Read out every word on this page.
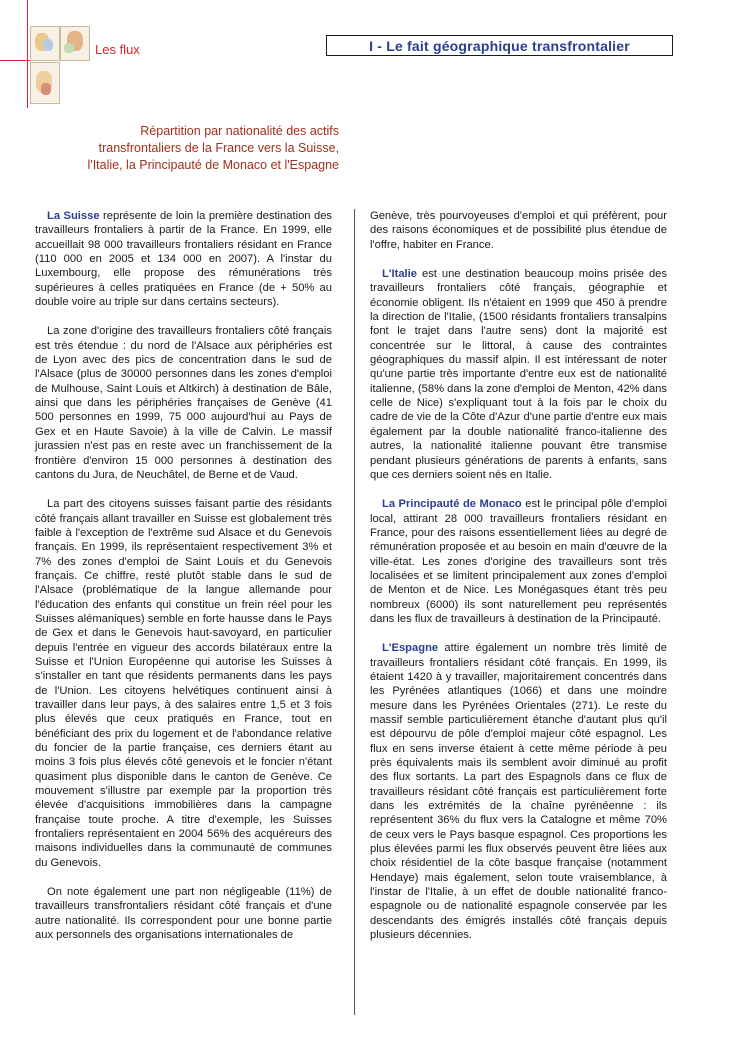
Les flux	I - Le fait géographique transfrontalier
Répartition par nationalité des actifs
transfrontaliers de la France vers la Suisse,
l'Italie, la Principauté de Monaco et l'Espagne

La Suisse représente de loin la première destination des travailleurs frontaliers à partir de la France. En 1999, elle accueillait 98 000 travailleurs frontaliers résidant en France (110 000 en 2005 et 134 000 en 2007). A l'instar du Luxembourg, elle propose des rémunérations très supérieures à celles pratiquées en France (de + 50% au double voire au triple sur dans certains secteurs).

La zone d'origine des travailleurs frontaliers côté français est très étendue : du nord de l'Alsace aux périphéries est de Lyon avec des pics de concentration dans le sud de l'Alsace (plus de 30000 personnes dans les zones d'emploi de Mulhouse, Saint Louis et Altkirch) à destination de Bâle, ainsi que dans les périphéries françaises de Genève (41 500 personnes en 1999, 75 000 aujourd'hui au Pays de Gex et en Haute Savoie) à la ville de Calvin. Le massif jurassien n'est pas en reste avec un franchissement de la frontière d'environ 15 000 personnes à destination des cantons du Jura, de Neuchâtel, de Berne et de Vaud.

La part des citoyens suisses faisant partie des résidants côté français allant travailler en Suisse est globalement très faible à l'exception de l'extrême sud Alsace et du Genevois français. En 1999, ils représentaient respectivement 3% et 7% des zones d'emploi de Saint Louis et du Genevois français. Ce chiffre, resté plutôt stable dans le sud de l'Alsace (problématique de la langue allemande pour l'éducation des enfants qui constitue un frein réel pour les Suisses alémaniques) semble en forte hausse dans le Pays de Gex et dans le Genevois haut-savoyard, en particulier depuis l'entrée en vigueur des accords bilatéraux entre la Suisse et l'Union Européenne qui autorise les Suisses à s'installer en tant que résidents permanents dans les pays de l'Union. Les citoyens helvétiques continuent ainsi à travailler dans leur pays, à des salaires entre 1,5 et 3 fois plus élevés que ceux pratiqués en France, tout en bénéficiant des prix du logement et de l'abondance relative du foncier de la partie française, ces derniers étant au moins 3 fois plus élevés côté genevois et le foncier n'étant quasiment plus disponible dans le canton de Genève. Ce mouvement s'illustre par exemple par la proportion très élevée d'acquisitions immobilières dans la campagne française toute proche. A titre d'exemple, les Suisses frontaliers représentaient en 2004 56% des acquéreurs des maisons individuelles dans la communauté de communes du Genevois.

On note également une part non négligeable (11%) de travailleurs transfrontaliers résidant côté français et d'une autre nationalité. Ils correspondent pour une bonne partie aux personnels des organisations internationales de

Genève, très pourvoyeuses d'emploi et qui préfèrent, pour des raisons économiques et de possibilité plus étendue de l'offre, habiter en France.

L'Italie est une destination beaucoup moins prisée des travailleurs frontaliers côté français, géographie et économie obligent. Ils n'étaient en 1999 que 450 à prendre la direction de l'Italie, (1500 résidants frontaliers transalpins font le trajet dans l'autre sens) dont la majorité est concentrée sur le littoral, à cause des contraintes géographiques du massif alpin. Il est intéressant de noter qu'une partie très importante d'entre eux est de nationalité italienne, (58% dans la zone d'emploi de Menton, 42% dans celle de Nice) s'expliquant tout à la fois par le choix du cadre de vie de la Côte d'Azur d'une partie d'entre eux mais également par la double nationalité franco-italienne des autres, la nationalité italienne pouvant être transmise pendant plusieurs générations de parents à enfants, sans que ces derniers soient nés en Italie.

La Principauté de Monaco est le principal pôle d'emploi local, attirant 28 000 travailleurs frontaliers résidant en France, pour des raisons essentiellement liées au degré de rémunération proposée et au besoin en main d'œuvre de la ville-état. Les zones d'origine des travailleurs sont très localisées et se limitent principalement aux zones d'emploi de Menton et de Nice. Les Monégasques étant très peu nombreux (6000) ils sont naturellement peu représentés dans les flux de travailleurs à destination de la Principauté.

L'Espagne attire également un nombre très limité de travailleurs frontaliers résidant côté français. En 1999, ils étaient 1420 à y travailler, majoritairement concentrés dans les Pyrénées atlantiques (1066) et dans une moindre mesure dans les Pyrénées Orientales (271). Le reste du massif semble particulièrement étanche d'autant plus qu'il est dépourvu de pôle d'emploi majeur côté espagnol. Les flux en sens inverse étaient à cette même période à peu près équivalents mais ils semblent avoir diminué au profit des flux sortants. La part des Espagnols dans ce flux de travailleurs résidant côté français est particulièrement forte dans les extrémités de la chaîne pyrénéenne : ils représentent 36% du flux vers la Catalogne et même 70% de ceux vers le Pays basque espagnol. Ces proportions les plus élevées parmi les flux observés peuvent être liées aux choix résidentiel de la côte basque française (notamment Hendaye) mais également, selon toute vraisemblance, à l'instar de l'Italie, à un effet de double nationalité franco-espagnole ou de nationalité espagnole conservée par les descendants des émigrés installés côté français depuis plusieurs décennies.
